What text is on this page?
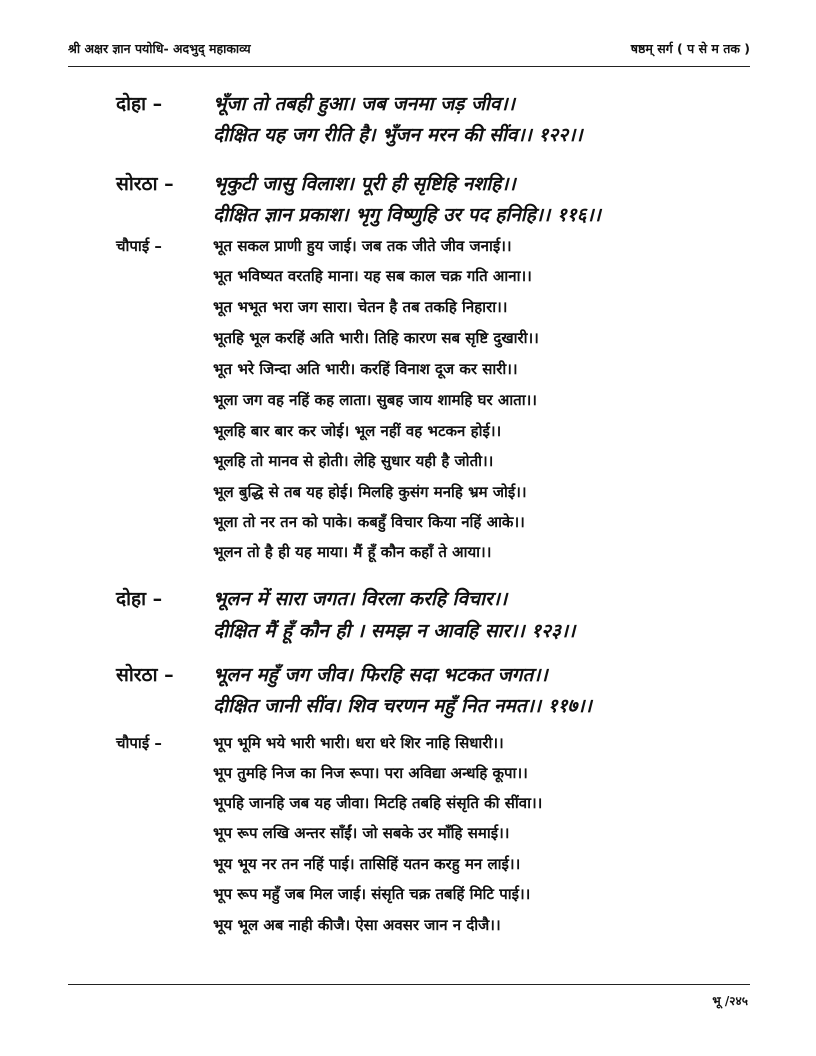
श्री अक्षर ज्ञान पयोधि- अदभुद् महाकाव्य	षष्ठम् सर्ग ( प से म तक )
दोहा –	भूँजा तो तबही हुआ। जब जनमा जड़ जीव।।
दीक्षित यह जग रीति है। भुँजन मरन की सींव।। १२२।।
सोरठा – भृकुटी जासु विलाश। पूरी ही सृष्टिहि नशहि।।
दीक्षित ज्ञान प्रकाश। भृगु विष्णुहि उर पद हनिहि।। ११६।।
चौपाई –	भूत सकल प्राणी हुय जाई। जब तक जीते जीव जनाई।।
भूत भविष्यत वरतहि माना। यह सब काल चक्र गति आना।।
भूत भभूत भरा जग सारा। चेतन है तब तकहि निहारा।।
भूतहि भूल करहिं अति भारी। तिहि कारण सब सृष्टि दुखारी।।
भूत भरे जिन्दा अति भारी। करहिं विनाश दूज कर सारी।।
भूला जग वह नहिं कह लाता। सुबह जाय शामहि घर आता।।
भूलहि बार बार कर जोई। भूल नहीं वह भटकन होई।।
भूलहि तो मानव से होती। लेहि सुधार यही है जोती।।
भूल बुद्धि से तब यह होई। मिलहि कुसंग मनहि भ्रम जोई।।
भूला तो नर तन को पाके। कबहुँ विचार किया नहिं आके।।
भूलन तो है ही यह माया। मैं हूँ कौन कहाँ ते आया।।
दोहा –	भूलन में सारा जगत। विरला करहि विचार।।
दीक्षित मैं हूँ कौन ही । समझ न आवहि सार।। १२३।।
सोरठा – भूलन महुँ जग जीव। फिरहि सदा भटकत जगत।।
दीक्षित जानी सींव। शिव चरणन महुँ नित नमत।। ११७।।
चौपाई –	भूप भूमि भये भारी भारी। धरा धरे शिर नाहि सिधारी।।
भूप तुमहि निज का निज रूपा। परा अविद्या अन्धहि कूपा।।
भूपहि जानहि जब यह जीवा। मिटहि तबहि संसृति की सींवा।।
भूप रूप लखि अन्तर साँईं। जो सबके उर माँहि समाई।।
भूय भूय नर तन नहिं पाई। तासिहिं यतन करहु मन लाई।।
भूप रूप महुँ जब मिल जाई। संसृति चक्र तबहिं मिटि पाई।।
भूय भूल अब नाही कीजै। ऐसा अवसर जान न दीजै।।
भू /२४५
